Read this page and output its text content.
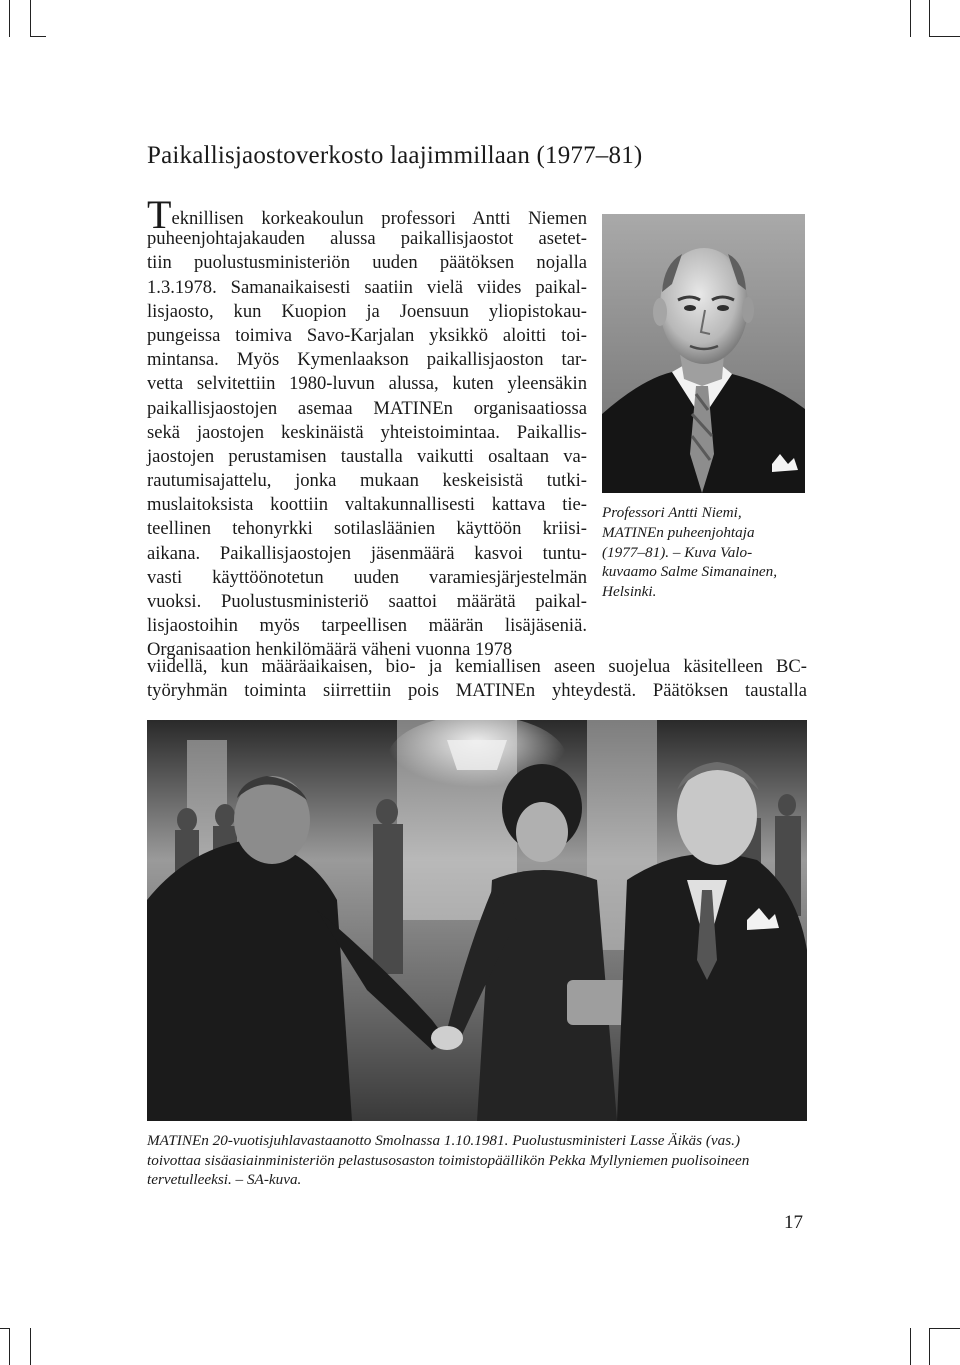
Paikallisjaostoverkosto laajimmillaan (1977–81)
Teknillisen korkeakoulun professori Antti Niemen
puheenjohtajakauden alussa paikallisjaostot asetet-
tiin puolustusministeriön uuden päätöksen nojalla
1.3.1978. Samanaikaisesti saatiin vielä viides paikal-
lisjaosto, kun Kuopion ja Joensuun yliopistokau-
pungeissa toimiva Savo-Karjalan yksikkö aloitti toi-
mintansa. Myös Kymenlaakson paikallisjaoston tar-
vetta selvitettiin 1980-luvun alussa, kuten yleensäkin
paikallisjaostojen asemaa MATINEn organisaatiossa
sekä jaostojen keskinäistä yhteistoimintaa. Paikallis-
jaostojen perustamisen taustalla vaikutti osaltaan va-
rautumisajattelu, jonka mukaan keskeisistä tutki-
muslaitoksista koottiin valtakunnallisesti kattava tie-
teellinen tehonyrkki sotilasläänien käyttöön kriisi-
aikana. Paikallisjaostojen jäsenmäärä kasvoi tuntu-
vasti käyttöönotetun uuden varamiesjärjestelmän
vuoksi. Puolustusministeriö saattoi määrätä paikal-
lisjaostoihin myös tarpeellisen määrän lisäjäseniä.
Organisaation henkilömäärä väheni vuonna 1978
viidellä, kun määräaikaisen, bio- ja kemiallisen aseen suojelua käsitelleen BC-
työryhmän toiminta siirrettiin pois MATINEn yhteydestä. Päätöksen taustalla
Professori Antti Niemi,
MATINEn puheenjohtaja
(1977–81). – Kuva Valo-
kuvaamo Salme Simanainen,
Helsinki.
MATINEn 20-vuotisjuhlavastaanotto Smolnassa 1.10.1981. Puolustusministeri Lasse Äikäs (vas.)
toivottaa sisäasiainministeriön pelastusosaston toimistopäällikön Pekka Myllyniemen puolisoineen
tervetulleeksi. – SA-kuva.
17
